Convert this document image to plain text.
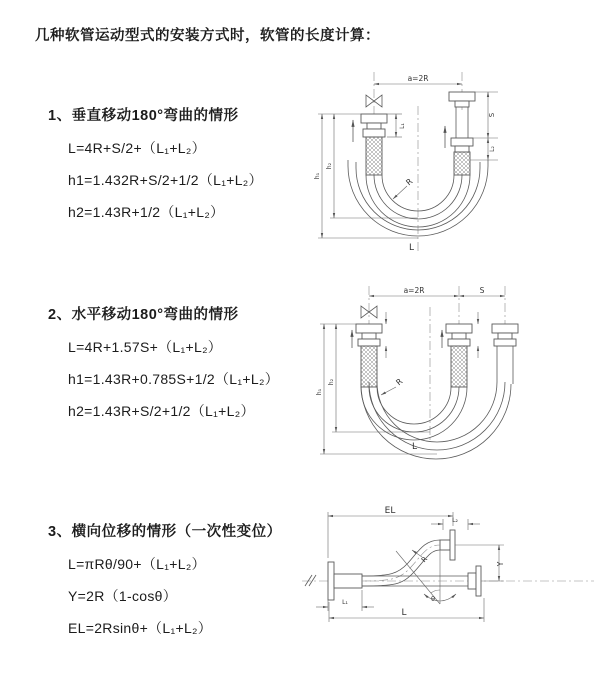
几种软管运动型式的安装方式时，软管的长度计算：
1、垂直移动180°弯曲的情形
L=4R+S/2+（L₁+L₂）
h1=1.432R+S/2+1/2（L₁+L₂）
h2=1.43R+1/2（L₁+L₂）
2、水平移动180°弯曲的情形
L=4R+1.57S+（L₁+L₂）
h1=1.43R+0.785S+1/2（L₁+L₂）
h2=1.43R+S/2+1/2（L₁+L₂）
3、横向位移的情形（一次性变位）
L=πRθ/90+（L₁+L₂）
Y=2R（1-cosθ）
EL=2Rsinθ+（L₁+L₂）
a=2R
L₁
S
L₂
h₁
h₂
R
L
a=2R	S
h₁
h₂	R
L
L₁
EL
L₂
Y
θ
R
L
